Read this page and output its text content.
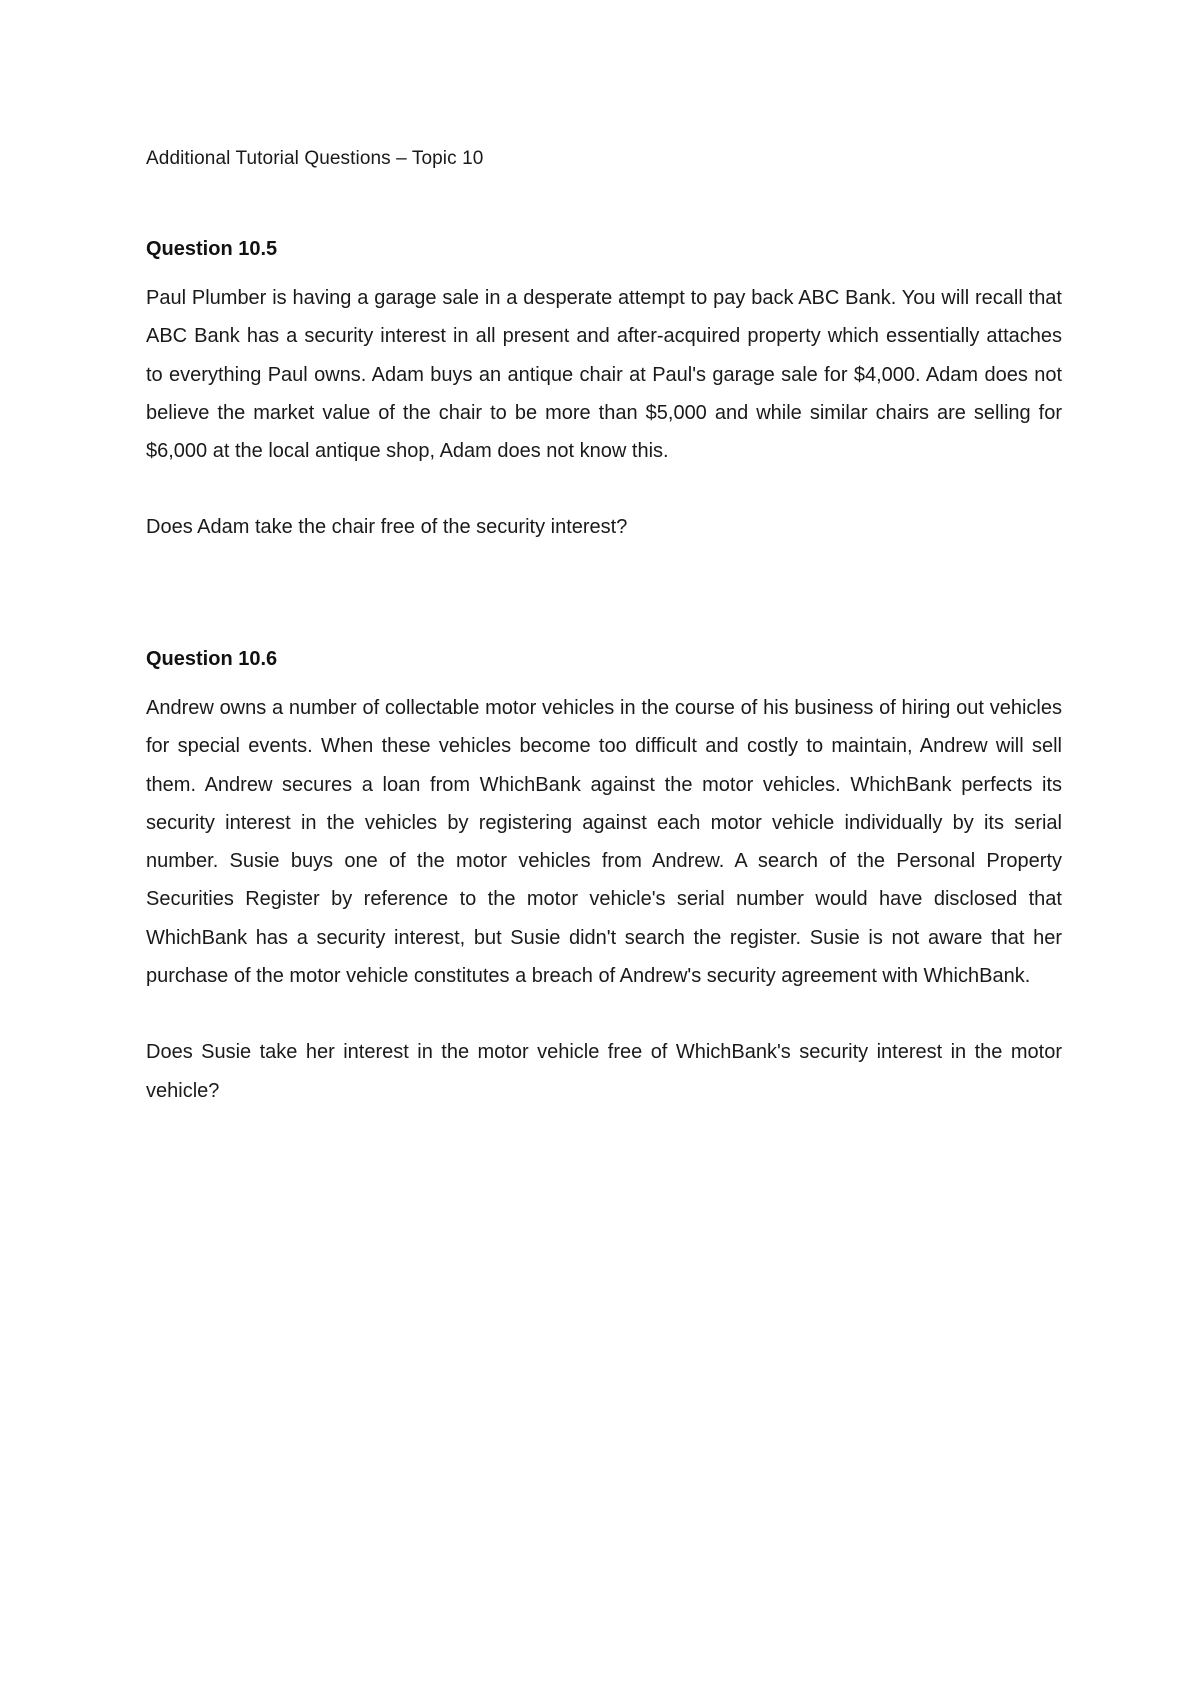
Additional Tutorial Questions – Topic 10
Question 10.5

Paul Plumber is having a garage sale in a desperate attempt to pay back ABC Bank. You will recall that ABC Bank has a security interest in all present and after-acquired property which essentially attaches to everything Paul owns. Adam buys an antique chair at Paul's garage sale for $4,000. Adam does not believe the market value of the chair to be more than $5,000 and while similar chairs are selling for $6,000 at the local antique shop, Adam does not know this.

Does Adam take the chair free of the security interest?

Question 10.6

Andrew owns a number of collectable motor vehicles in the course of his business of hiring out vehicles for special events. When these vehicles become too difficult and costly to maintain, Andrew will sell them. Andrew secures a loan from WhichBank against the motor vehicles. WhichBank perfects its security interest in the vehicles by registering against each motor vehicle individually by its serial number. Susie buys one of the motor vehicles from Andrew. A search of the Personal Property Securities Register by reference to the motor vehicle's serial number would have disclosed that WhichBank has a security interest, but Susie didn't search the register. Susie is not aware that her purchase of the motor vehicle constitutes a breach of Andrew's security agreement with WhichBank.

Does Susie take her interest in the motor vehicle free of WhichBank's security interest in the motor vehicle?
